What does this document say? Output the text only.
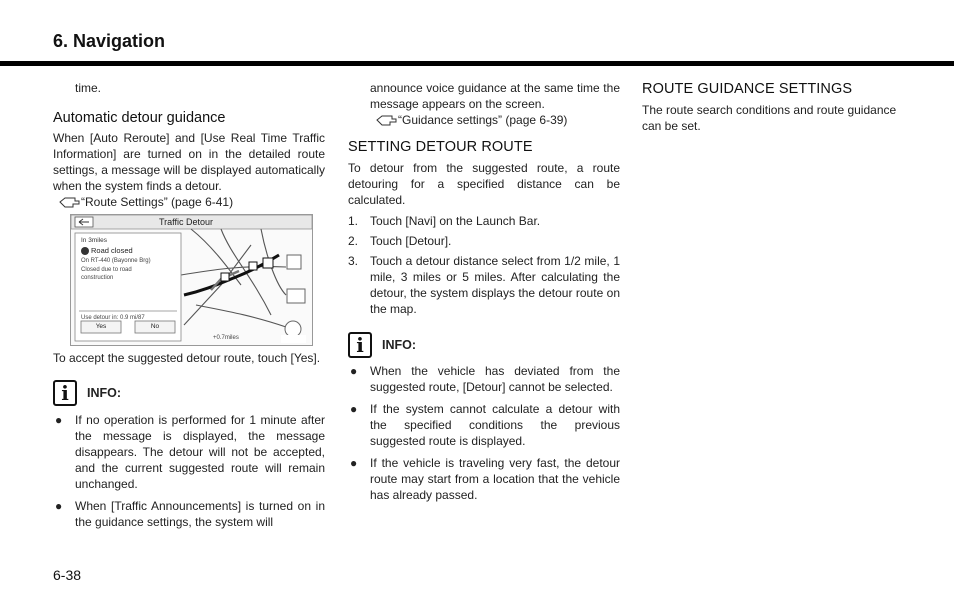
6. Navigation

time.

Automatic detour guidance

When [Auto Reroute] and [Use Real Time Traffic Information] are turned on in the detailed route settings, a message will be displayed automatically when the system finds a detour.

“Route Settings” (page 6-41)
Traffic Detour
In 3miles
Road closed
On RT-440 (Bayonne Brg)
Closed due to road
construction
Use detour in: 0.9 mi/87
Yes	No
+0.7miles

To accept the suggested detour route, touch [Yes].

i	INFO:
● If no operation is performed for 1 minute after the message is displayed, the message disappears. The detour will not be accepted, and the current suggested route will remain unchanged.
● When [Traffic Announcements] is turned on in the guidance settings, the system will

announce voice guidance at the same time the message appears on the screen.

“Guidance settings” (page 6-39)

SETTING DETOUR ROUTE

To detour from the suggested route, a route detouring for a specified distance can be calculated.

1. Touch [Navi] on the Launch Bar.
2. Touch [Detour].
3. Touch a detour distance select from 1/2 mile, 1 mile, 3 miles or 5 miles. After calculating the detour, the system displays the detour route on the map.
i	INFO:
● When the vehicle has deviated from the suggested route, [Detour] cannot be selected.
● If the system cannot calculate a detour with the specified conditions the previous suggested route is displayed.
● If the vehicle is traveling very fast, the detour route may start from a location that the vehicle has already passed.

ROUTE GUIDANCE SETTINGS

The route search conditions and route guidance can be set.

6-38
